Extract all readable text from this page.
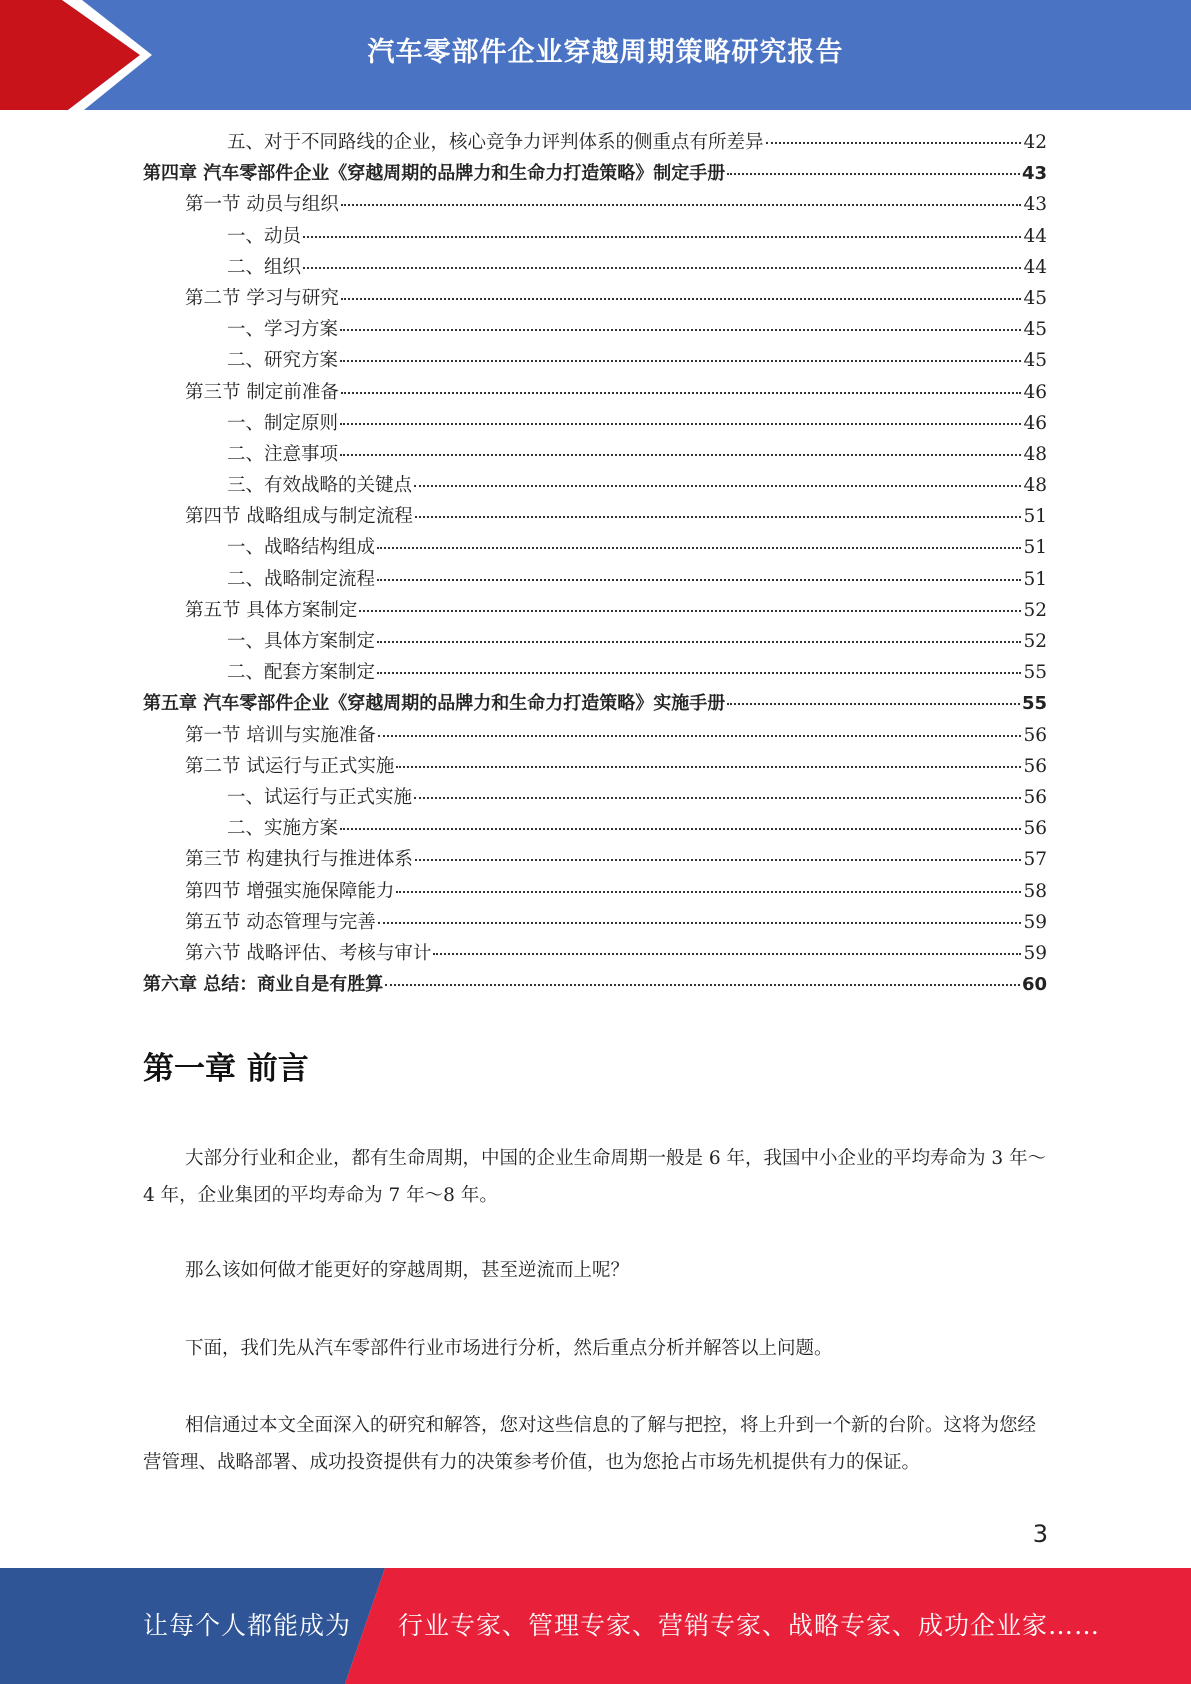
汽车零部件企业穿越周期策略研究报告
五、对于不同路线的企业，核心竞争力评判体系的侧重点有所差异	42
第四章 汽车零部件企业《穿越周期的品牌力和生命力打造策略》制定手册	43
第一节 动员与组织	43
一、动员	44
二、组织	44
第二节 学习与研究	45
一、学习方案	45
二、研究方案	45
第三节 制定前准备	46
一、制定原则	46
二、注意事项	48
三、有效战略的关键点	48
第四节 战略组成与制定流程	51
一、战略结构组成	51
二、战略制定流程	51
第五节 具体方案制定	52
一、具体方案制定	52
二、配套方案制定	55
第五章 汽车零部件企业《穿越周期的品牌力和生命力打造策略》实施手册	55
第一节 培训与实施准备	56
第二节 试运行与正式实施	56
一、试运行与正式实施	56
二、实施方案	56
第三节 构建执行与推进体系	57
第四节 增强实施保障能力	58
第五节 动态管理与完善	59
第六节 战略评估、考核与审计	59
第六章 总结：商业自是有胜算	60
第一章 前言

大部分行业和企业，都有生命周期，中国的企业生命周期一般是 6 年，我国中小企业的平均寿命为 3 年～4 年，企业集团的平均寿命为 7 年～8 年。

那么该如何做才能更好的穿越周期，甚至逆流而上呢？

下面，我们先从汽车零部件行业市场进行分析，然后重点分析并解答以上问题。

相信通过本文全面深入的研究和解答，您对这些信息的了解与把控，将上升到一个新的台阶。这将为您经营管理、战略部署、成功投资提供有力的决策参考价值，也为您抢占市场先机提供有力的保证。

3
让每个人都能成为 行业专家、管理专家、营销专家、战略专家、成功企业家……
